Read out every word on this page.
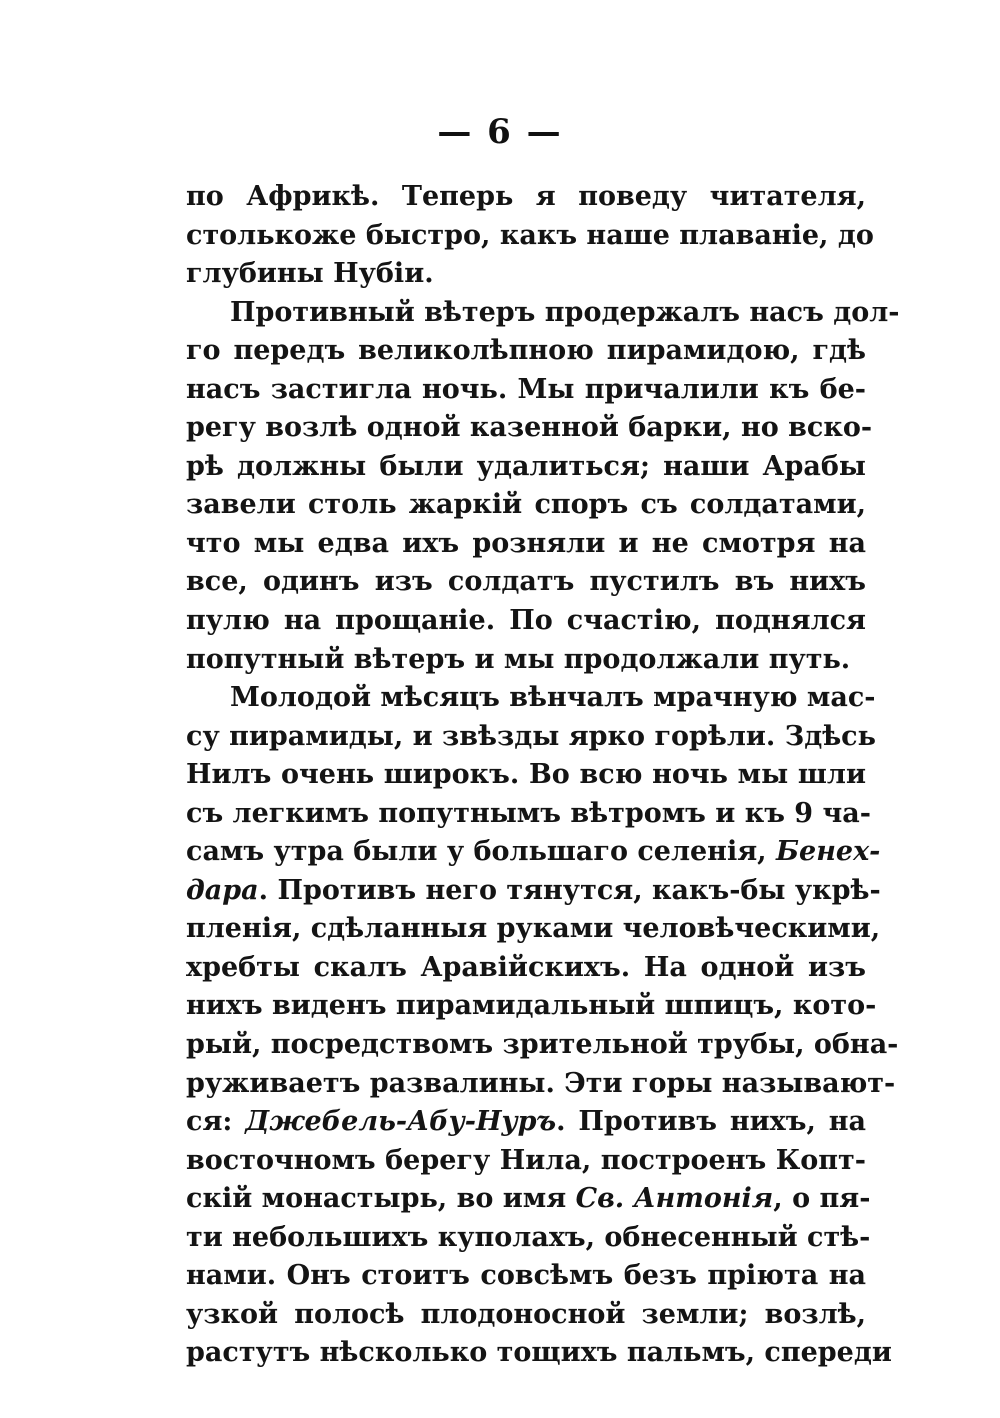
— 6 —
по Африкѣ. Теперь я поведу читателя,
столькоже быстро, какъ наше плаваніе, до
глубины Нубіи.
Противный вѣтеръ продержалъ насъ дол-
го передъ великолѣпною пирамидою, гдѣ
насъ застигла ночь. Мы причалили къ бе-
регу возлѣ одной казенной барки, но вско-
рѣ должны были удалиться; наши Арабы
завели столь жаркій споръ съ солдатами,
что мы едва ихъ розняли и не смотря на
все, одинъ изъ солдатъ пустилъ въ нихъ
пулю на прощаніе. По счастію, поднялся
попутный вѣтеръ и мы продолжали путь.
Молодой мѣсяцъ вѣнчалъ мрачную мас-
су пирамиды, и звѣзды ярко горѣли. Здѣсь
Нилъ очень широкъ. Во всю ночь мы шли
съ легкимъ попутнымъ вѣтромъ и къ 9 ча-
самъ утра были у большаго селенія, Бенех-
дара. Противъ него тянутся, какъ-бы укрѣ-
пленія, сдѣланныя руками человѣческими,
хребты скалъ Аравійскихъ. На одной изъ
нихъ виденъ пирамидальный шпицъ, кото-
рый, посредствомъ зрительной трубы, обна-
руживаетъ развалины. Эти горы называют-
ся: Джебель-Абу-Нуръ. Противъ нихъ, на
восточномъ берегу Нила, построенъ Копт-
скій монастырь, во имя Св. Антонія, о пя-
ти небольшихъ куполахъ, обнесенный стѣ-
нами. Онъ стоитъ совсѣмъ безъ пріюта на
узкой полосѣ плодоносной земли; возлѣ,
растутъ нѣсколько тощихъ пальмъ, спереди
